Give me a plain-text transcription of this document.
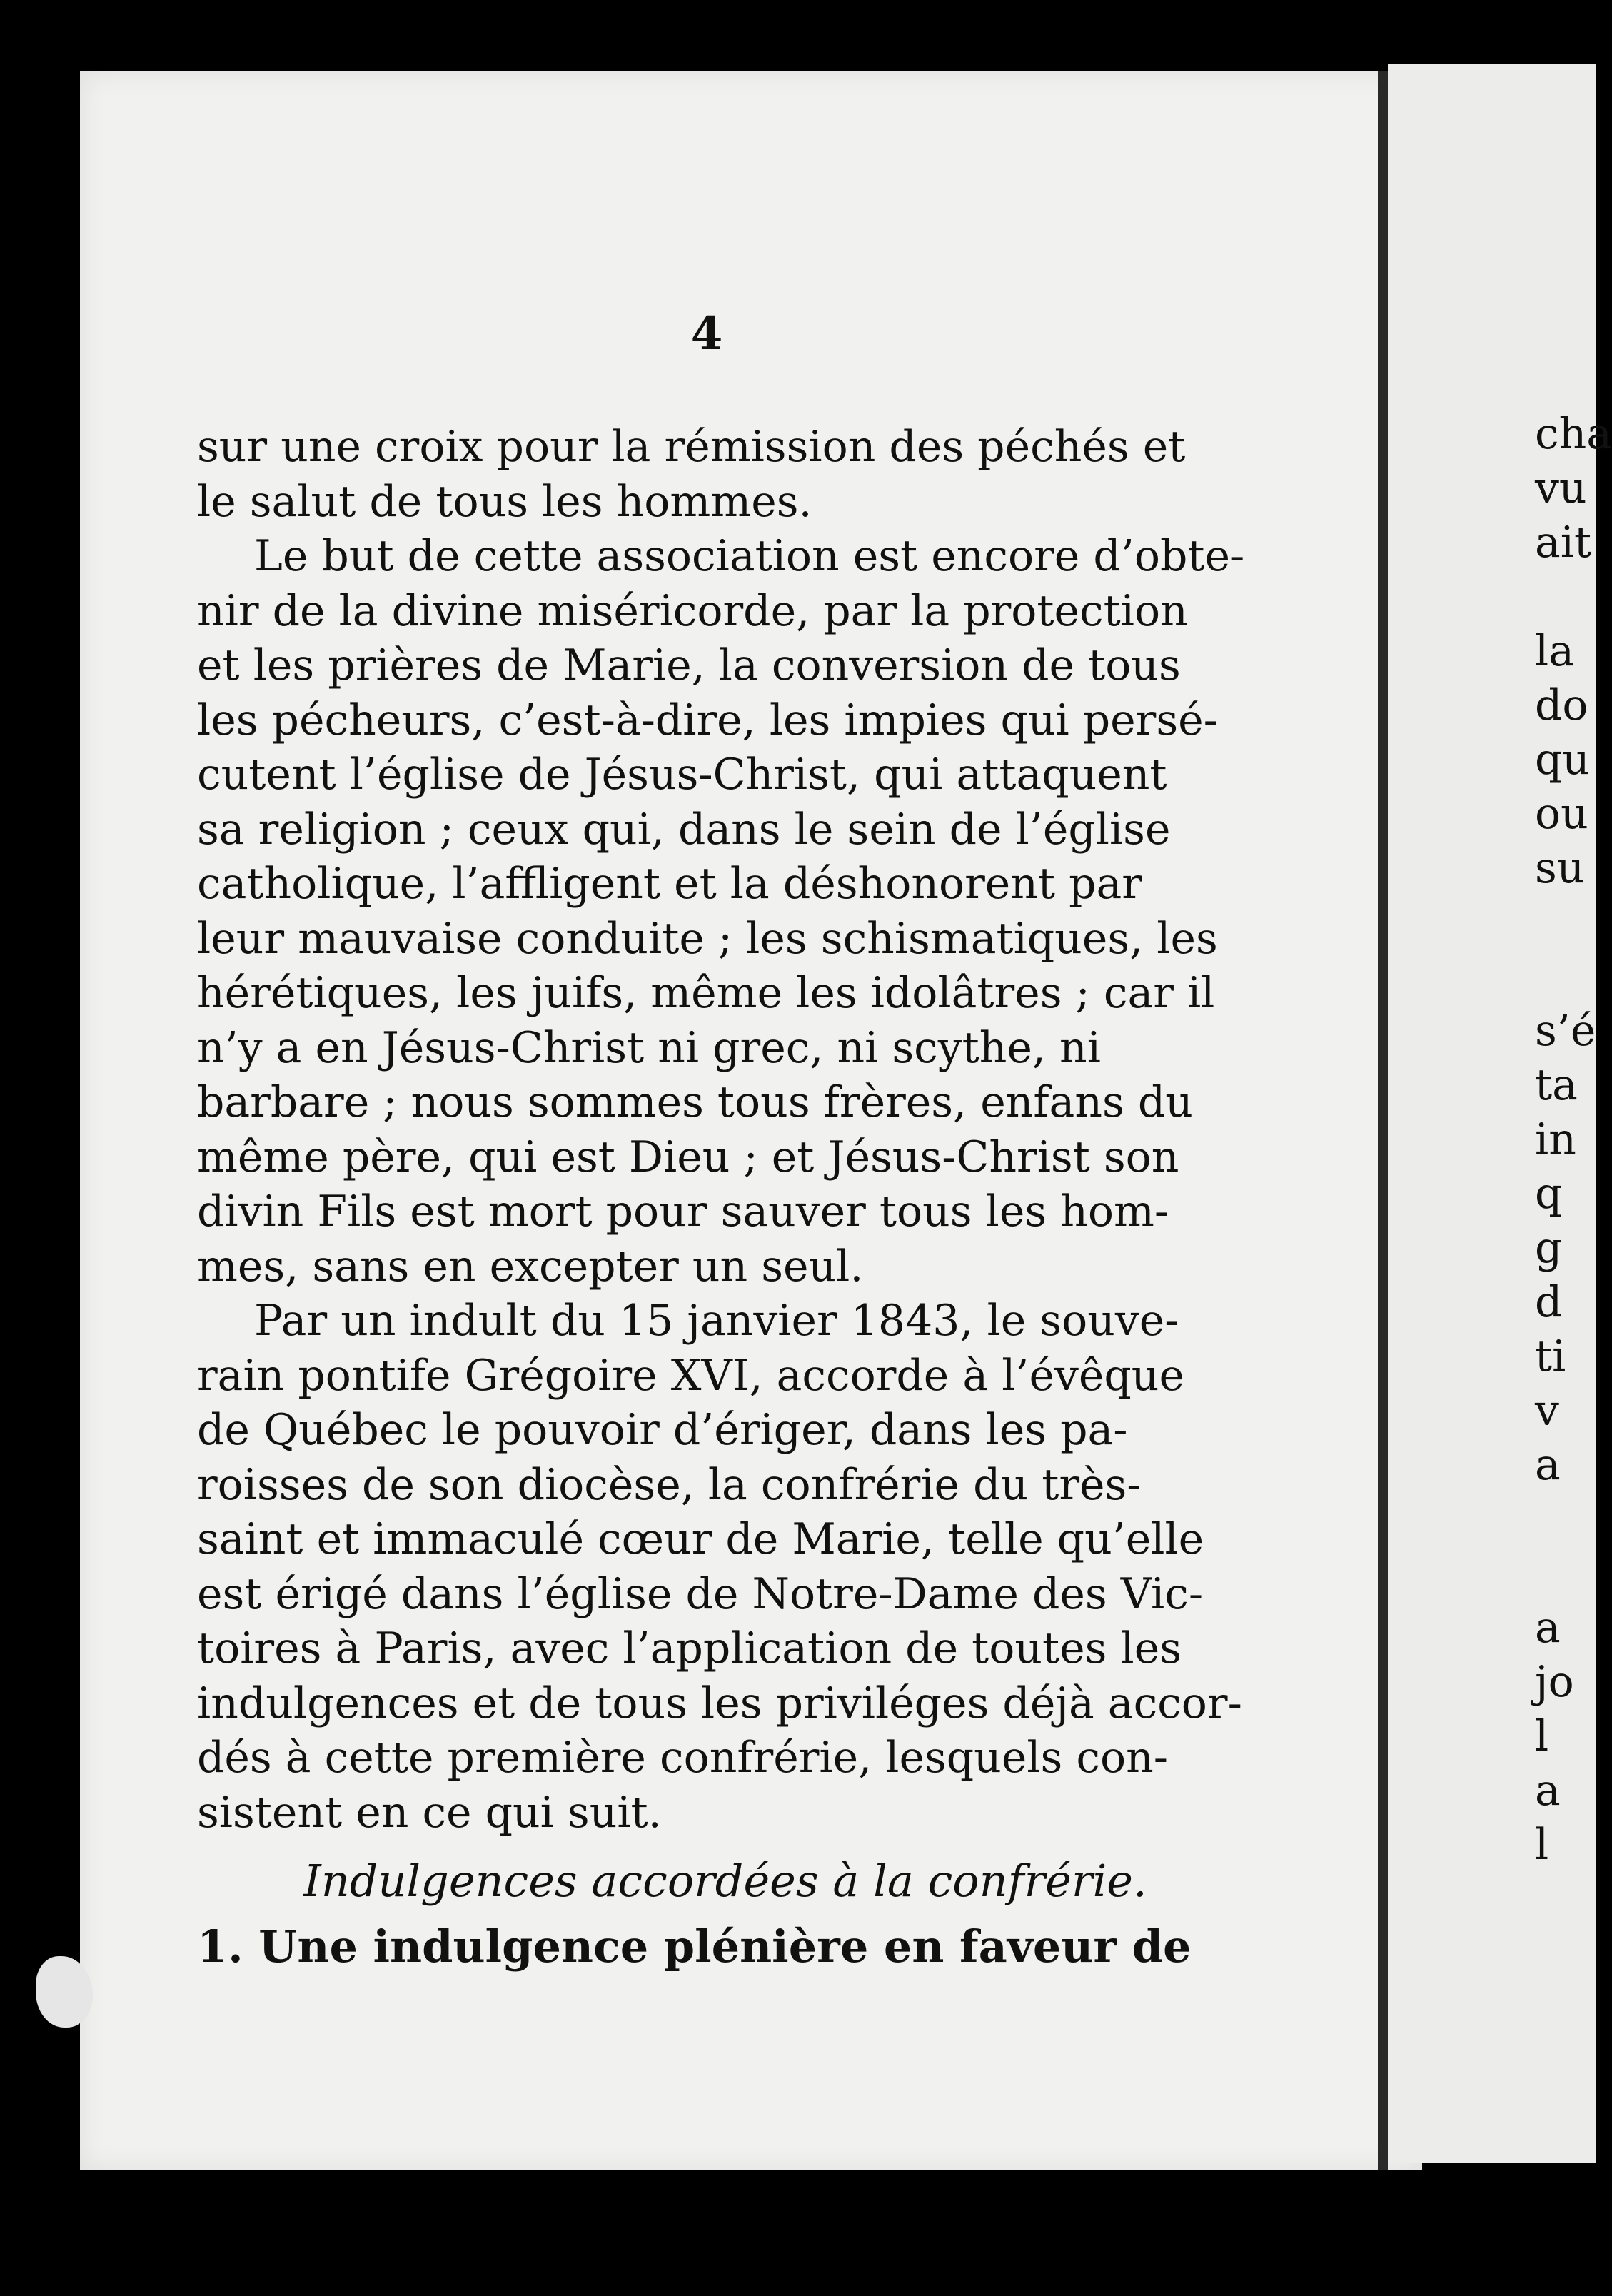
4
sur une croix pour la rémission des péchés et
le salut de tous les hommes.
Le but de cette association est encore d’obte-
nir de la divine miséricorde, par la protection
et les prières de Marie, la conversion de tous
les pécheurs, c’est-à-dire, les impies qui persé-
cutent l’église de Jésus-Christ, qui attaquent
sa religion ; ceux qui, dans le sein de l’église
catholique, l’affligent et la déshonorent par
leur mauvaise conduite ; les schismatiques, les
hérétiques, les juifs, même les idolâtres ; car il
n’y a en Jésus-Christ ni grec, ni scythe, ni
barbare ; nous sommes tous frères, enfans du
même père, qui est Dieu ; et Jésus-Christ son
divin Fils est mort pour sauver tous les hom-
mes, sans en excepter un seul.
Par un indult du 15 janvier 1843, le souve-
rain pontife Grégoire XVI, accorde à l’évêque
de Québec le pouvoir d’ériger, dans les pa-
roisses de son diocèse, la confrérie du très-
saint et immaculé cœur de Marie, telle qu’elle
est érigé dans l’église de Notre-Dame des Vic-
toires à Paris, avec l’application de toutes les
indulgences et de tous les priviléges déjà accor-
dés à cette première confrérie, lesquels con-
sistent en ce qui suit.
Indulgences accordées à la confrérie.
1. Une indulgence plénière en faveur de
cha
vu
ait
la
do
qu
ou
su
s’é
ta
in
q
g
d
ti
v
a
a
jo
l
a
l
